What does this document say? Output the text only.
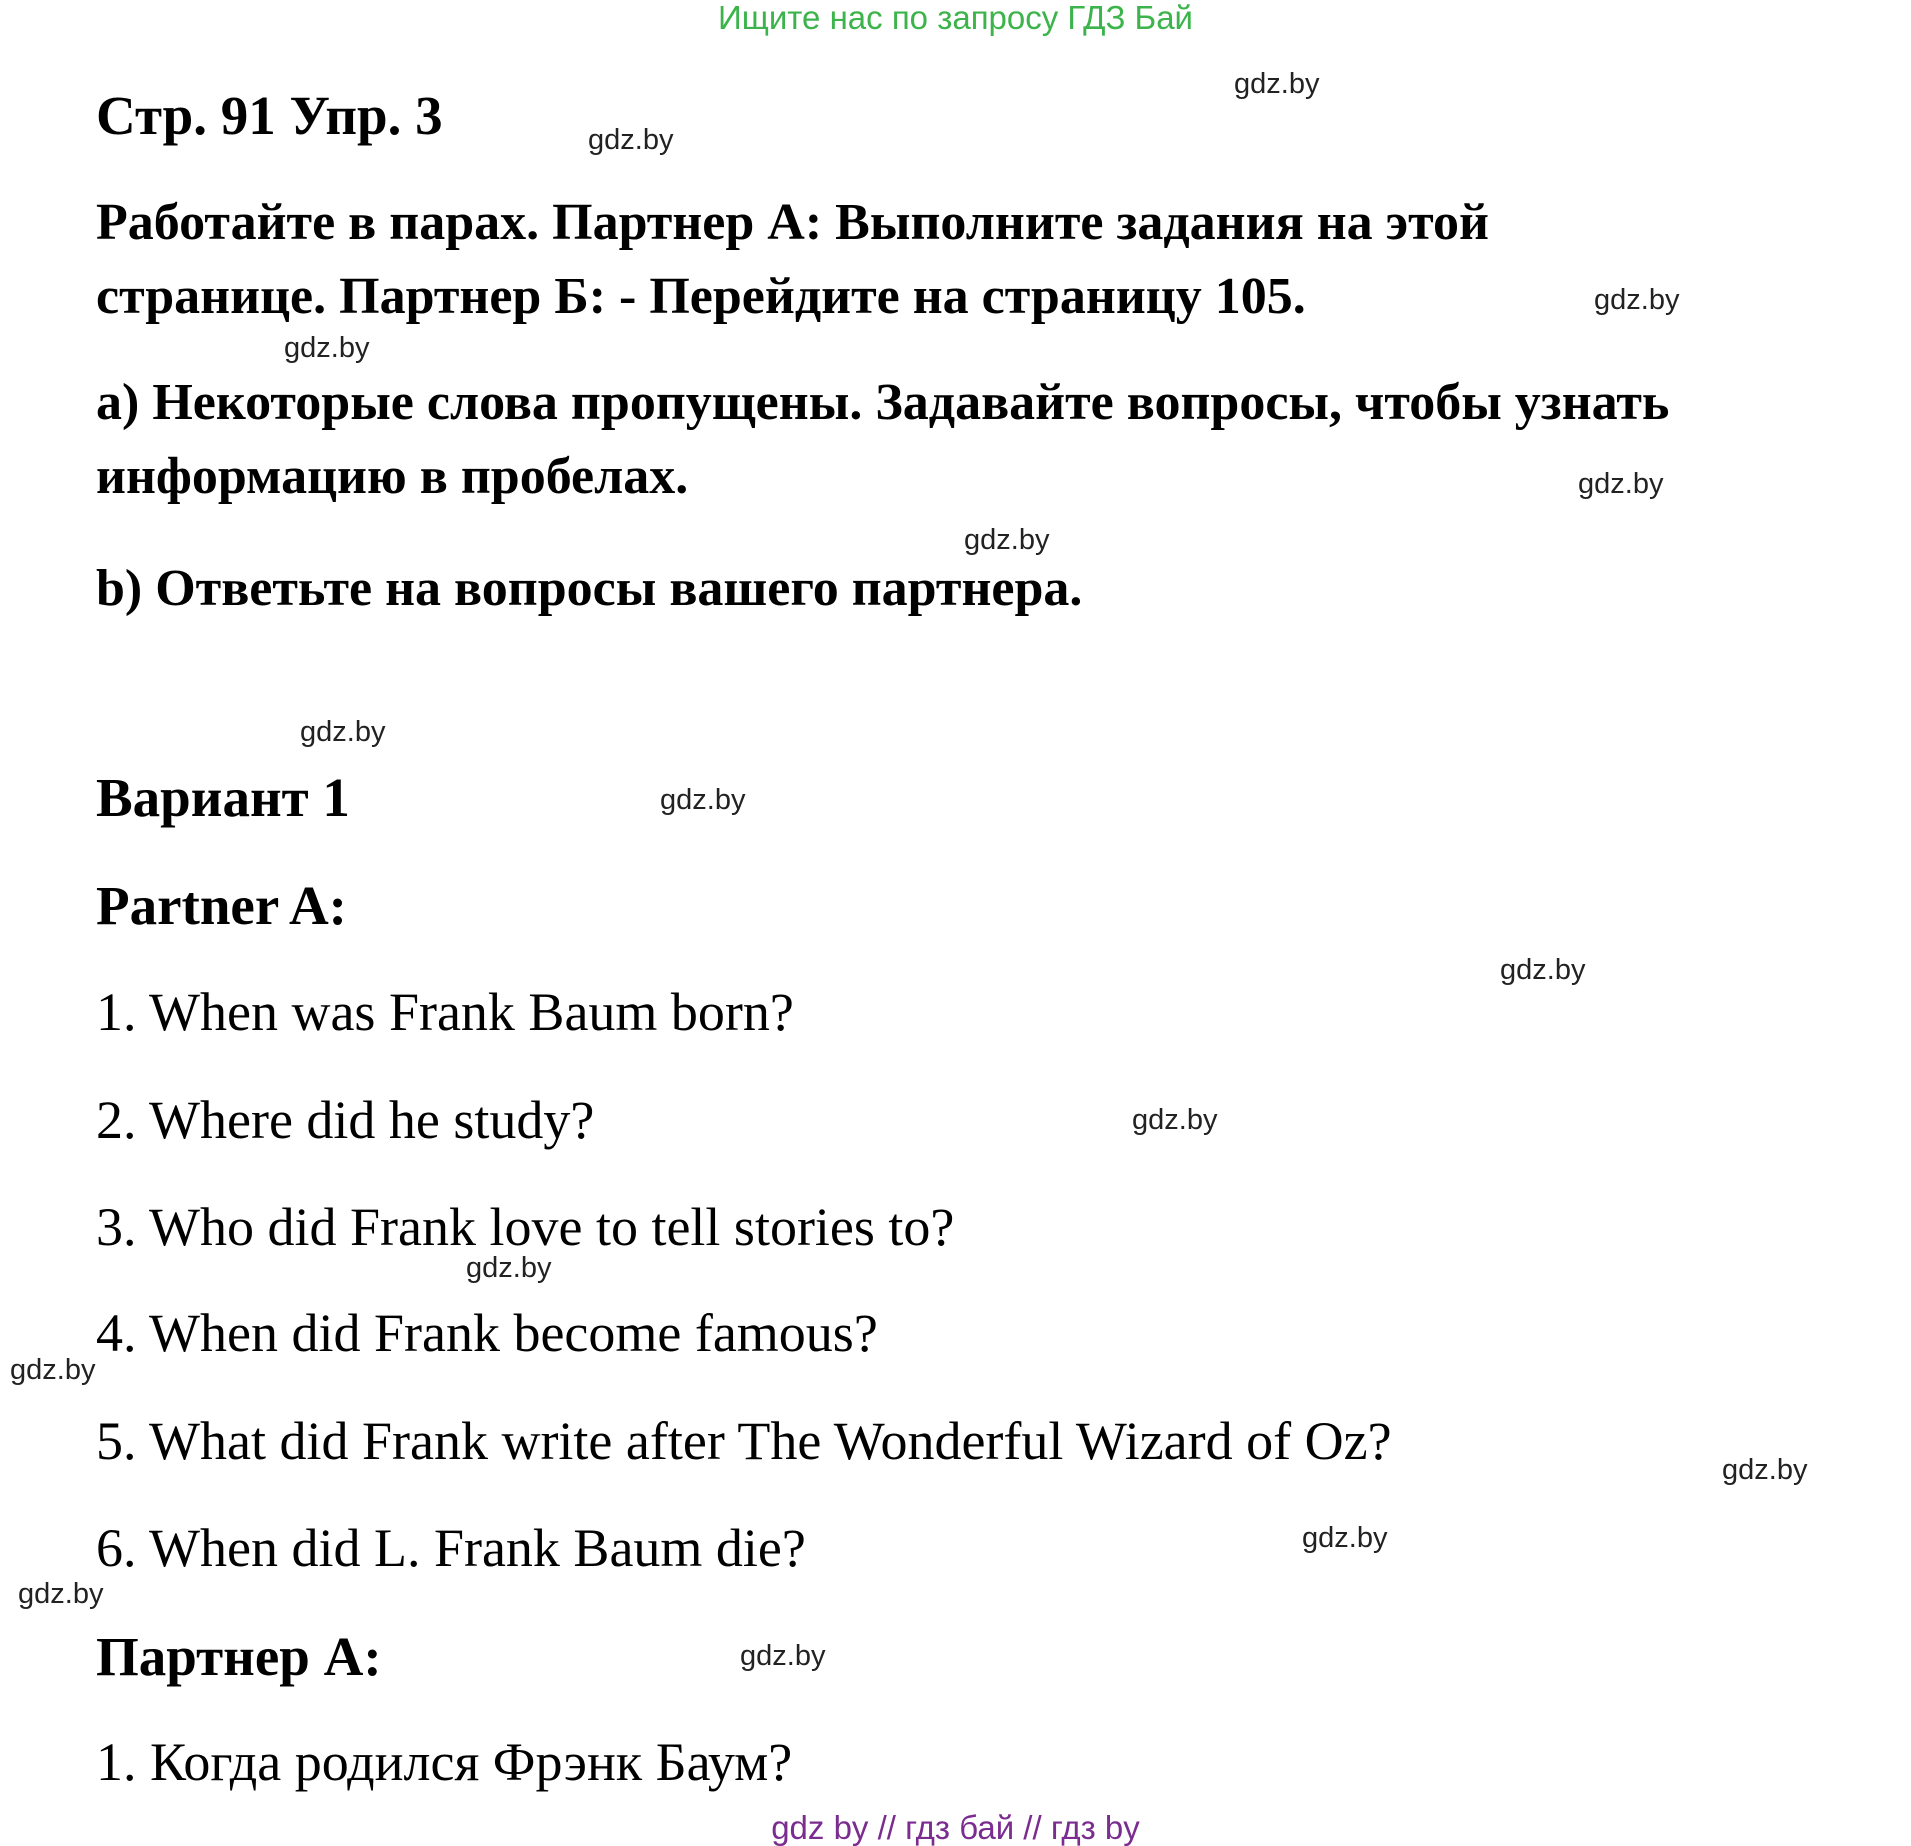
Ищите нас по запросу ГДЗ Бай
Стр. 91 Упр. 3
Работайте в парах. Партнер А: Выполните задания на этой
странице. Партнер Б: - Перейдите на страницу 105.
a) Некоторые слова пропущены. Задавайте вопросы, чтобы узнать
информацию в пробелах.
b) Ответьте на вопросы вашего партнера.
Вариант 1
Partner A:
1. When was Frank Baum born?
2. Where did he study?
3. Who did Frank love to tell stories to?
4. When did Frank become famous?
5. What did Frank write after The Wonderful Wizard of Oz?
6. When did L. Frank Baum die?
Партнер А:
1. Когда родился Фрэнк Баум?
gdz.by
gdz.by
gdz.by
gdz.by
gdz.by
gdz.by
gdz.by
gdz.by
gdz.by
gdz.by
gdz.by
gdz.by
gdz.by
gdz.by
gdz.by
gdz.by
gdz by // гдз бай // гдз by
